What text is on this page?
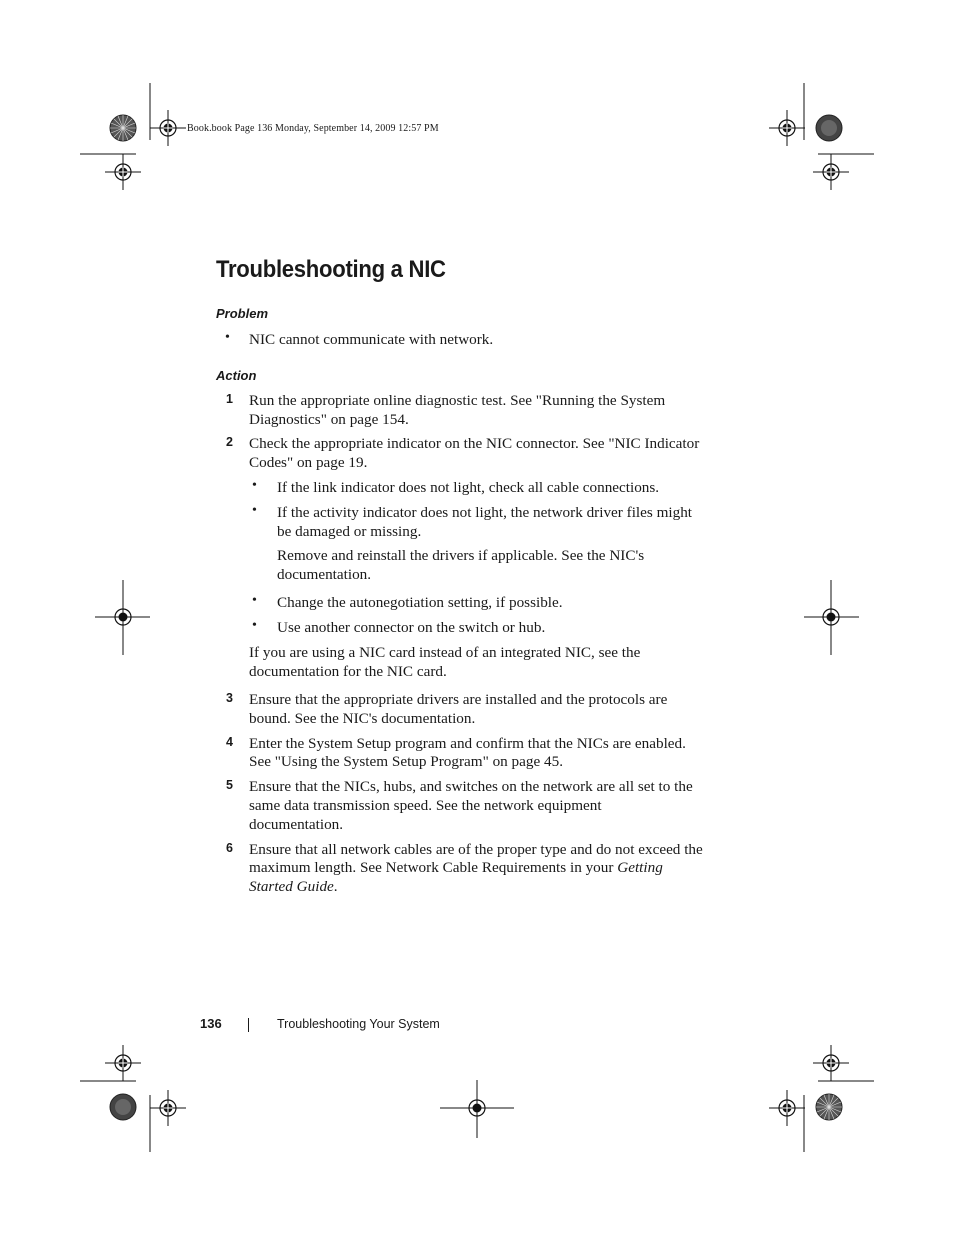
Book.book Page 136 Monday, September 14, 2009 12:57 PM
Troubleshooting a NIC
Problem
• NIC cannot communicate with network.
Action
1 Run the appropriate online diagnostic test. See "Running the System
Diagnostics" on page 154.
2 Check the appropriate indicator on the NIC connector. See "NIC Indicator
Codes" on page 19.
• If the link indicator does not light, check all cable connections.
• If the activity indicator does not light, the network driver files might
be damaged or missing.
Remove and reinstall the drivers if applicable. See the NIC's
documentation.
• Change the autonegotiation setting, if possible.
• Use another connector on the switch or hub.
If you are using a NIC card instead of an integrated NIC, see the
documentation for the NIC card.
3 Ensure that the appropriate drivers are installed and the protocols are
bound. See the NIC's documentation.
4 Enter the System Setup program and confirm that the NICs are enabled.
See "Using the System Setup Program" on page 45.
5 Ensure that the NICs, hubs, and switches on the network are all set to the
same data transmission speed. See the network equipment
documentation.
6 Ensure that all network cables are of the proper type and do not exceed the
maximum length. See Network Cable Requirements in your Getting
Started Guide.
136	Troubleshooting Your System
